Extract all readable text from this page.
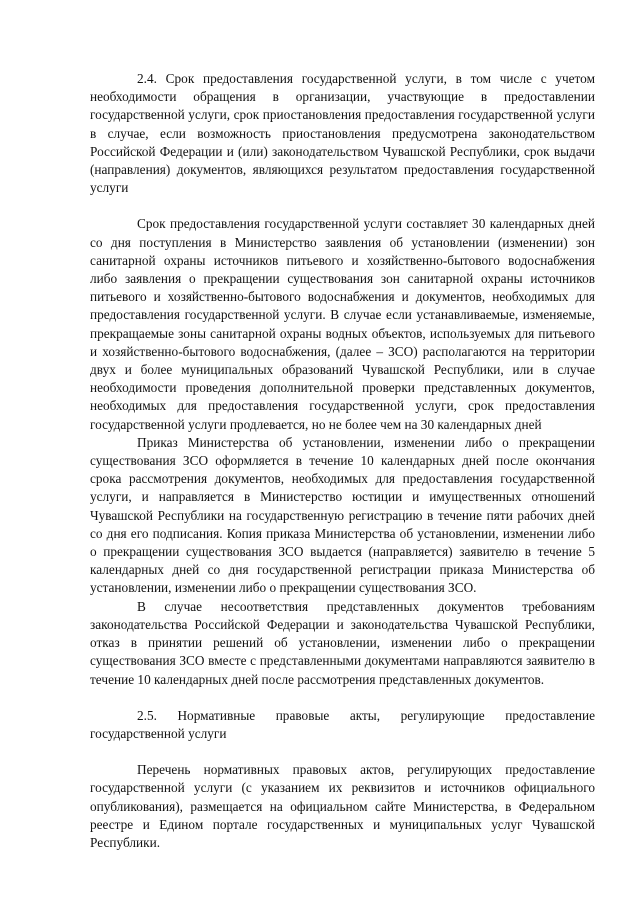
2.4. Срок предоставления государственной услуги, в том числе с учетом необходимости обращения в организации, участвующие в предоставлении государственной услуги, срок приостановления предоставления государственной услуги в случае, если возможность приостановления предусмотрена законодательством Российской Федерации и (или) законодательством Чувашской Республики, срок выдачи (направления) документов, являющихся результатом предоставления государственной услуги

Срок предоставления государственной услуги составляет 30 календарных дней со дня поступления в Министерство заявления об установлении (изменении) зон санитарной охраны источников питьевого и хозяйственно-бытового водоснабжения либо заявления о прекращении существования зон санитарной охраны источников питьевого и хозяйственно-бытового водоснабжения и документов, необходимых для предоставления государственной услуги. В случае если устанавливаемые, изменяемые, прекращаемые зоны санитарной охраны водных объектов, используемых для питьевого и хозяйственно-бытового водоснабжения, (далее – ЗСО) располагаются на территории двух и более муниципальных образований Чувашской Республики, или в случае необходимости проведения дополнительной проверки представленных документов, необходимых для предоставления государственной услуги, срок предоставления государственной услуги продлевается, но не более чем на 30 календарных дней

Приказ Министерства об установлении, изменении либо о прекращении существования ЗСО оформляется в течение 10 календарных дней после окончания срока рассмотрения документов, необходимых для предоставления государственной услуги, и направляется в Министерство юстиции и имущественных отношений Чувашской Республики на государственную регистрацию в течение пяти рабочих дней со дня его подписания. Копия приказа Министерства об установлении, изменении либо о прекращении существования ЗСО выдается (направляется) заявителю в течение 5 календарных дней со дня государственной регистрации приказа Министерства об установлении, изменении либо о прекращении существования ЗСО.

В случае несоответствия представленных документов требованиям законодательства Российской Федерации и законодательства Чувашской Республики, отказ в принятии решений об установлении, изменении либо о прекращении существования ЗСО вместе с представленными документами направляются заявителю в течение 10 календарных дней после рассмотрения представленных документов.

2.5. Нормативные правовые акты, регулирующие предоставление государственной услуги

Перечень нормативных правовых актов, регулирующих предоставление государственной услуги (с указанием их реквизитов и источников официального опубликования), размещается на официальном сайте Министерства, в Федеральном реестре и Едином портале государственных и муниципальных услуг Чувашской Республики.
